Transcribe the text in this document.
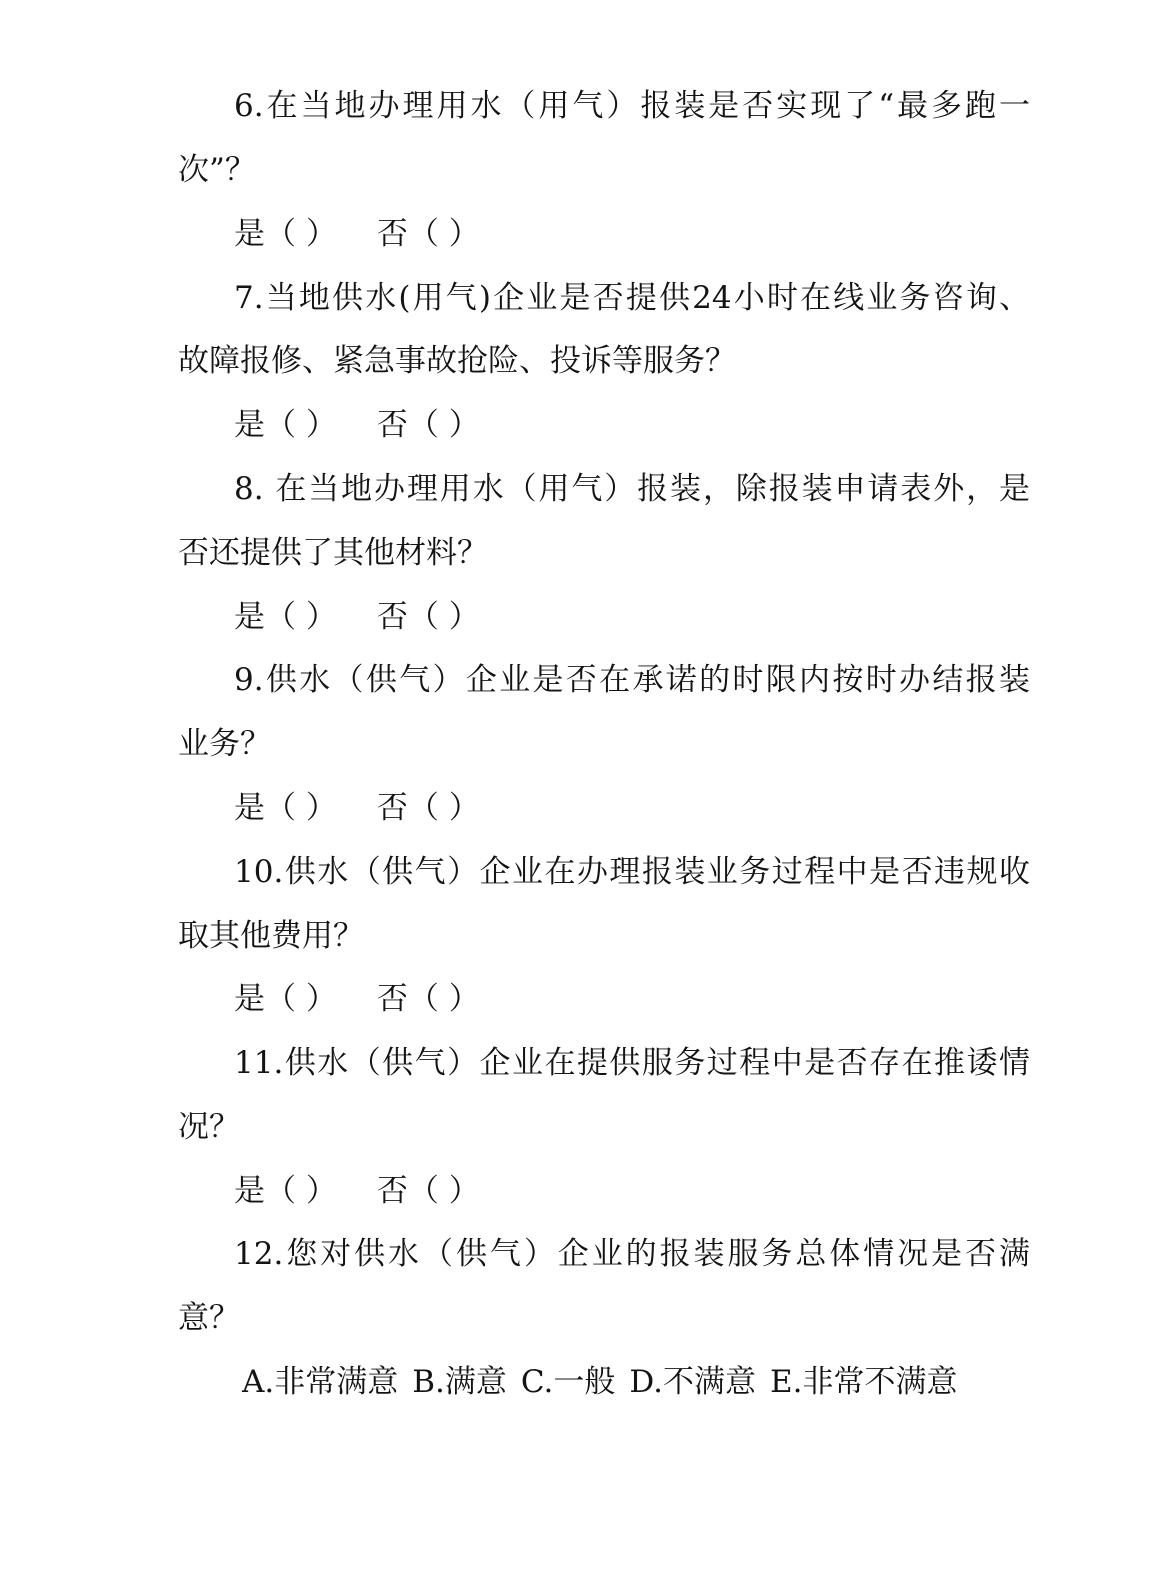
6.在当地办理用水（用气）报装是否实现了“最多跑一
次”？
是（ ） 否（ ）
7.当地供水(用气)企业是否提供24小时在线业务咨询、
故障报修、紧急事故抢险、投诉等服务？
是（ ） 否（ ）
8. 在当地办理用水（用气）报装，除报装申请表外，是
否还提供了其他材料？
是（ ） 否（ ）
9.供水（供气）企业是否在承诺的时限内按时办结报装
业务？
是（ ） 否（ ）
10.供水（供气）企业在办理报装业务过程中是否违规收
取其他费用？
是（ ） 否（ ）
11.供水（供气）企业在提供服务过程中是否存在推诿情
况？
是（ ） 否（ ）
12.您对供水（供气）企业的报装服务总体情况是否满
意？
A.非常满意 B.满意 C.一般 D.不满意 E.非常不满意
